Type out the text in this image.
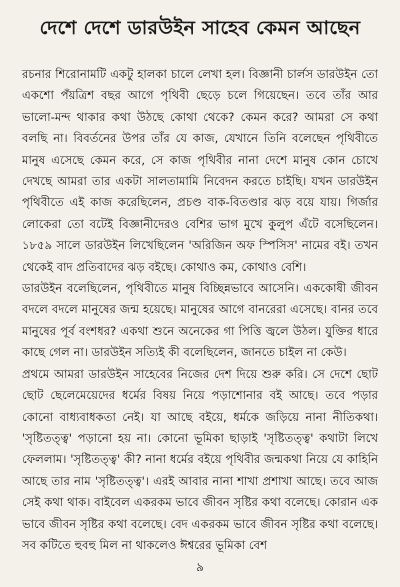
দেশে দেশে ডারউইন সাহেব কেমন আছেন

রচনার শিরোনামটি একটু হালকা চালে লেখা হল। বিজ্ঞানী চার্লস ডারউইন তো একশো পঁয়ত্রিশ বছর আগে পৃথিবী ছেড়ে চলে গিয়েছেন। তবে তাঁর আর ভালো-মন্দ থাকার কথা উঠছে কোথা থেকে? কেমন করে? আমরা সে কথা বলছি না। বিবর্তনের উপর তাঁর যে কাজ, যেখানে তিনি বলেছেন পৃথিবীতে মানুষ এসেছে কেমন করে, সে কাজ পৃথিবীর নানা দেশে মানুষ কোন চোখে দেখছে আমরা তার একটা সালতামামি নিবেদন করতে চাইছি। যখন ডারউইন পৃথিবীতে এই কাজ করেছিলেন, প্রচণ্ড বাক-বিতণ্ডার ঝড় বয়ে যায়। গির্জার লোকেরা তো বটেই বিজ্ঞানীদেরও বেশির ভাগ মুখে কুলুপ এঁটে বসেছিলেন। ১৮৫৯ সালে ডারউইন লিখেছিলেন 'অরিজিন অফ স্পিসিস' নামের বই। তখন থেকেই বাদ প্রতিবাদের ঝড় বইছে। কোথাও কম, কোথাও বেশি।

ডারউইন বলেছিলেন, পৃথিবীতে মানুষ বিচ্ছিন্নভাবে আসেনি। এককোষী জীবন বদলে বদলে মানুষের জন্ম হয়েছে। মানুষের আগে বানরেরা এসেছে। বানর তবে মানুষের পূর্ব বংশধর? একথা শুনে অনেকের গা পিত্তি জ্বলে উঠল। যুক্তির ধারে কাছে গেল না। ডারউইন সত্যিই কী বলেছিলেন, জানতে চাইল না কেউ।

প্রথমে আমরা ডারউইন সাহেবের নিজের দেশ দিয়ে শুরু করি। সে দেশে ছোট ছোট ছেলেমেয়েদের ধর্মের বিষয় নিয়ে পড়াশোনার বই আছে। তবে পড়ার কোনো বাধ্যবাধকতা নেই। যা আছে বইয়ে, ধর্মকে জড়িয়ে নানা নীতিকথা। 'সৃষ্টিতত্ত্ব' পড়ানো হয় না। কোনো ভূমিকা ছাড়াই 'সৃষ্টিতত্ত্ব' কথাটা লিখে ফেললাম। 'সৃষ্টিতত্ত্ব' কী? নানা ধর্মের বইয়ে পৃথিবীর জন্মকথা নিয়ে যে কাহিনি আছে তার নাম 'সৃষ্টিতত্ত্ব'। এরই আবার নানা শাখা প্রশাখা আছে। তবে আজ সেই কথা থাক। বাইবেল একরকম ভাবে জীবন সৃষ্টির কথা বলেছে। কোরান এক ভাবে জীবন সৃষ্টির কথা বলেছে। বেদ একরকম ভাবে জীবন সৃষ্টির কথা বলেছে। সব কটিতে হুবহু মিল না থাকলেও ঈশ্বরের ভূমিকা বেশ

৯
